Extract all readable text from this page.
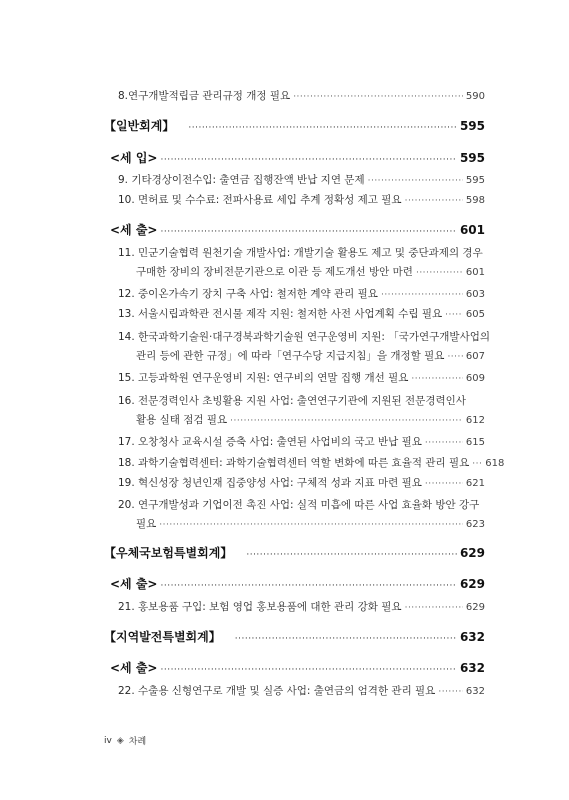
8.연구개발적립금 관리규정 개정 필요 ·····	590
【일반회계】 ·····	595
<세 입> ·····	595
9. 기타경상이전수입: 출연금 집행잔액 반납 지연 문제 ·····	595
10. 면허료 및 수수료: 전파사용료 세입 추계 정확성 제고 필요 ·····	598
<세 출> ·····	601
11. 민군기술협력 원천기술 개발사업: 개발기술 활용도 제고 및 중단과제의 경우
구매한 장비의 장비전문기관으로 이관 등 제도개선 방안 마련 ·····	601
12. 중이온가속기 장치 구축 사업: 철저한 계약 관리 필요 ·····	603
13. 서울시립과학관 전시물 제작 지원: 철저한 사전 사업계획 수립 필요 ····· 605
14. 한국과학기술원·대구경북과학기술원 연구운영비 지원: 「국가연구개발사업의
관리 등에 관한 규정」에 따라「연구수당 지급지침」을 개정할 필요 ····· 607
15. 고등과학원 연구운영비 지원: 연구비의 연말 집행 개선 필요 ·····	609
16. 전문경력인사 초빙활용 지원 사업: 출연연구기관에 지원된 전문경력인사
활용 실태 점검 필요 ·····	612
17. 오창청사 교육시설 증축 사업: 출연된 사업비의 국고 반납 필요 ·····	615
18. 과학기술협력센터: 과학기술협력센터 역할 변화에 따른 효율적 관리 필요 ····· 618
19. 혁신성장 청년인재 집중양성 사업: 구체적 성과 지표 마련 필요 ·····	621
20. 연구개발성과 기업이전 촉진 사업: 실적 미흡에 따른 사업 효율화 방안 강구
필요 ·····	623
【우체국보험특별회계】 ·····	629
<세 출> ·····	629
21. 홍보용품 구입: 보험 영업 홍보용품에 대한 관리 강화 필요 ·····	629
【지역발전특별회계】 ·····	632
<세 출> ·····	632
22. 수출용 신형연구로 개발 및 실증 사업: 출연금의 엄격한 관리 필요 ·····	632
iv ◈ 차례
